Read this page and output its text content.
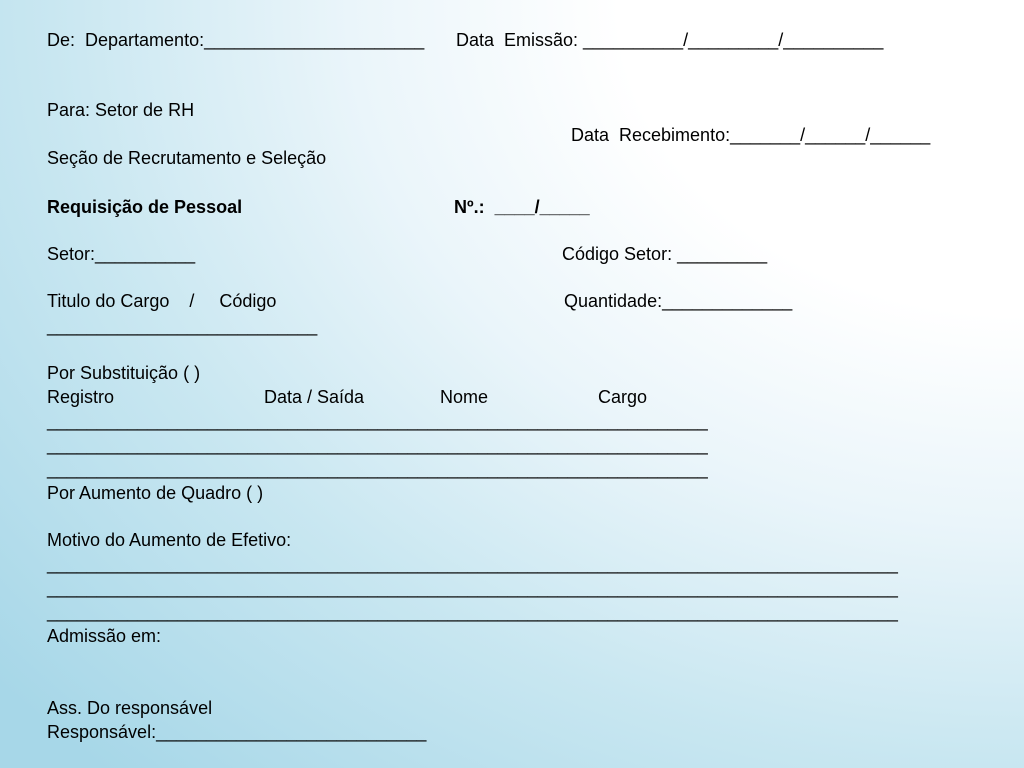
De:  Departamento:______________________ Data  Emissão: __________/_________/__________
Para: Setor de RH
Data  Recebimento:_______/______/______
Seção de Recrutamento e Seleção
Requisição de Pessoal	Nº.:  ____/_____
Setor:__________	Código Setor: _________
Titulo do Cargo    /     Código	Quantidade:_____________
___________________________
Por Substituição ( )
Registro	Data / Saída	Nome	Cargo
__________________________________________________________________
__________________________________________________________________
__________________________________________________________________
Por Aumento de Quadro ( )
Motivo do Aumento de Efetivo:
_____________________________________________________________________________________
_____________________________________________________________________________________
_____________________________________________________________________________________
Admissão em:
Ass. Do responsável
Responsável:___________________________
